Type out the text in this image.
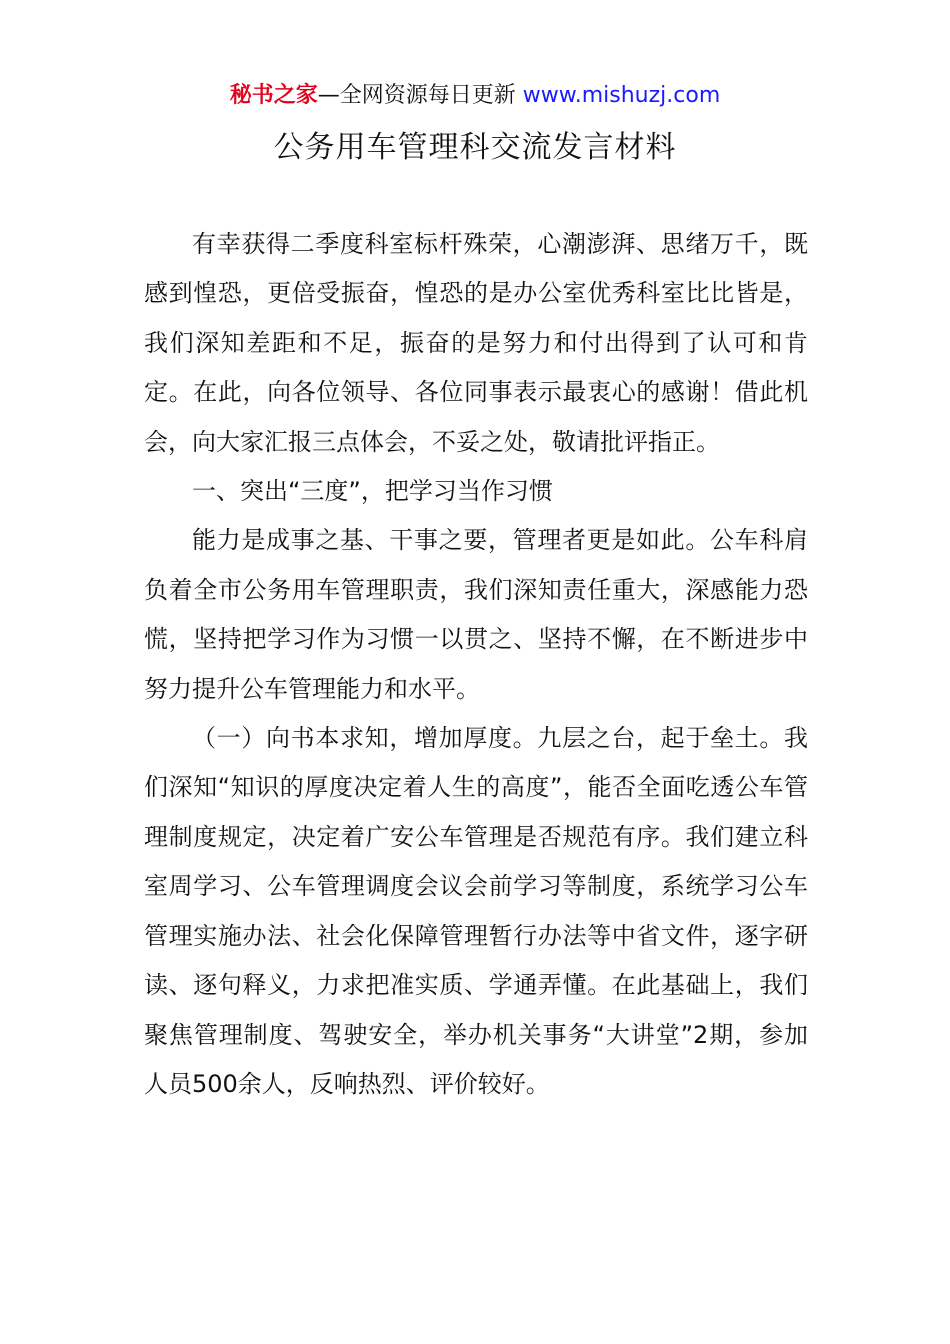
秘书之家—全网资源每日更新 www.mishuzj.com
公务用车管理科交流发言材料

有幸获得二季度科室标杆殊荣，心潮澎湃、思绪万千，既感到惶恐，更倍受振奋，惶恐的是办公室优秀科室比比皆是，我们深知差距和不足，振奋的是努力和付出得到了认可和肯定。在此，向各位领导、各位同事表示最衷心的感谢！借此机会，向大家汇报三点体会，不妥之处，敬请批评指正。

一、突出“三度”，把学习当作习惯

能力是成事之基、干事之要，管理者更是如此。公车科肩负着全市公务用车管理职责，我们深知责任重大，深感能力恐慌，坚持把学习作为习惯一以贯之、坚持不懈，在不断进步中努力提升公车管理能力和水平。

（一）向书本求知，增加厚度。九层之台，起于垒土。我们深知“知识的厚度决定着人生的高度”，能否全面吃透公车管理制度规定，决定着广安公车管理是否规范有序。我们建立科室周学习、公车管理调度会议会前学习等制度，系统学习公车管理实施办法、社会化保障管理暂行办法等中省文件，逐字研读、逐句释义，力求把准实质、学通弄懂。在此基础上，我们聚焦管理制度、驾驶安全，举办机关事务“大讲堂”2期，参加人员500余人，反响热烈、评价较好。
